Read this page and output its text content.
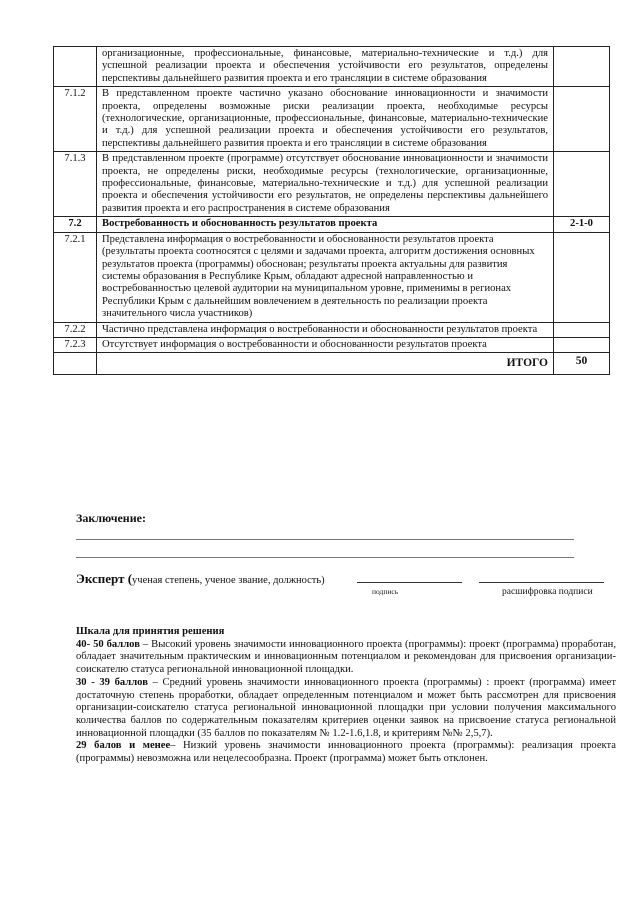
	организационные, профессиональные, финансовые, материально-технические и т.д.) для успешной реализации проекта и обеспечения устойчивости его результатов, определены перспективы дальнейшего развития проекта и его трансляции в системе образования	
7.1.2	В представленном проекте частично указано обоснование инновационности и значимости проекта, определены возможные риски реализации проекта, необходимые ресурсы (технологические, организационные, профессиональные, финансовые, материально-технические и т.д.) для успешной реализации проекта и обеспечения устойчивости его результатов, перспективы дальнейшего развития проекта и его трансляции в системе образования	
7.1.3	В представленном проекте (программе) отсутствует обоснование инновационности и значимости проекта, не определены риски, необходимые ресурсы (технологические, организационные, профессиональные, финансовые, материально-технические и т.д.) для успешной реализации проекта и обеспечения устойчивости его результатов, не определены перспективы дальнейшего развития проекта и его распространения в системе образования	
7.2	Востребованность и обоснованность результатов проекта	2-1-0
7.2.1	Представлена информация о востребованности и обоснованности результатов проекта (результаты проекта соотносятся с целями и задачами проекта, алгоритм достижения основных результатов проекта (программы) обоснован; результаты проекта актуальны для развития системы образования в Республике Крым, обладают адресной направленностью и востребованностью целевой аудитории на муниципальном уровне, применимы в регионах Республики Крым с дальнейшим вовлечением в деятельность по реализации проекта значительного числа участников)	
7.2.2	Частично представлена информация о востребованности и обоснованности результатов проекта	
7.2.3	Отсутствует информация о востребованности и обоснованности результатов проекта	
	ИТОГО	50
Заключение:
Эксперт (ученая степень, ученое звание, должность)
подпись	расшифровка подписи

Шкала для принятия решения

40- 50 баллов – Высокий уровень значимости инновационного проекта (программы): проект (программа) проработан, обладает значительным практическим и инновационным потенциалом и рекомендован для присвоения организации-соискателю статуса региональной инновационной площадки.

30 - 39 баллов – Средний уровень значимости инновационного проекта (программы) : проект (программа) имеет достаточную степень проработки, обладает определенным потенциалом и может быть рассмотрен для присвоения организации-соискателю статуса региональной инновационной площадки при условии получения максимального количества баллов по содержательным показателям критериев оценки заявок на присвоение статуса региональной инновационной площадки (35 баллов по показателям № 1.2-1.6,1.8, и критериям №№ 2,5,7).

29 балов и менее– Низкий уровень значимости инновационного проекта (программы): реализация проекта (программы) невозможна или нецелесообразна. Проект (программа) может быть отклонен.
